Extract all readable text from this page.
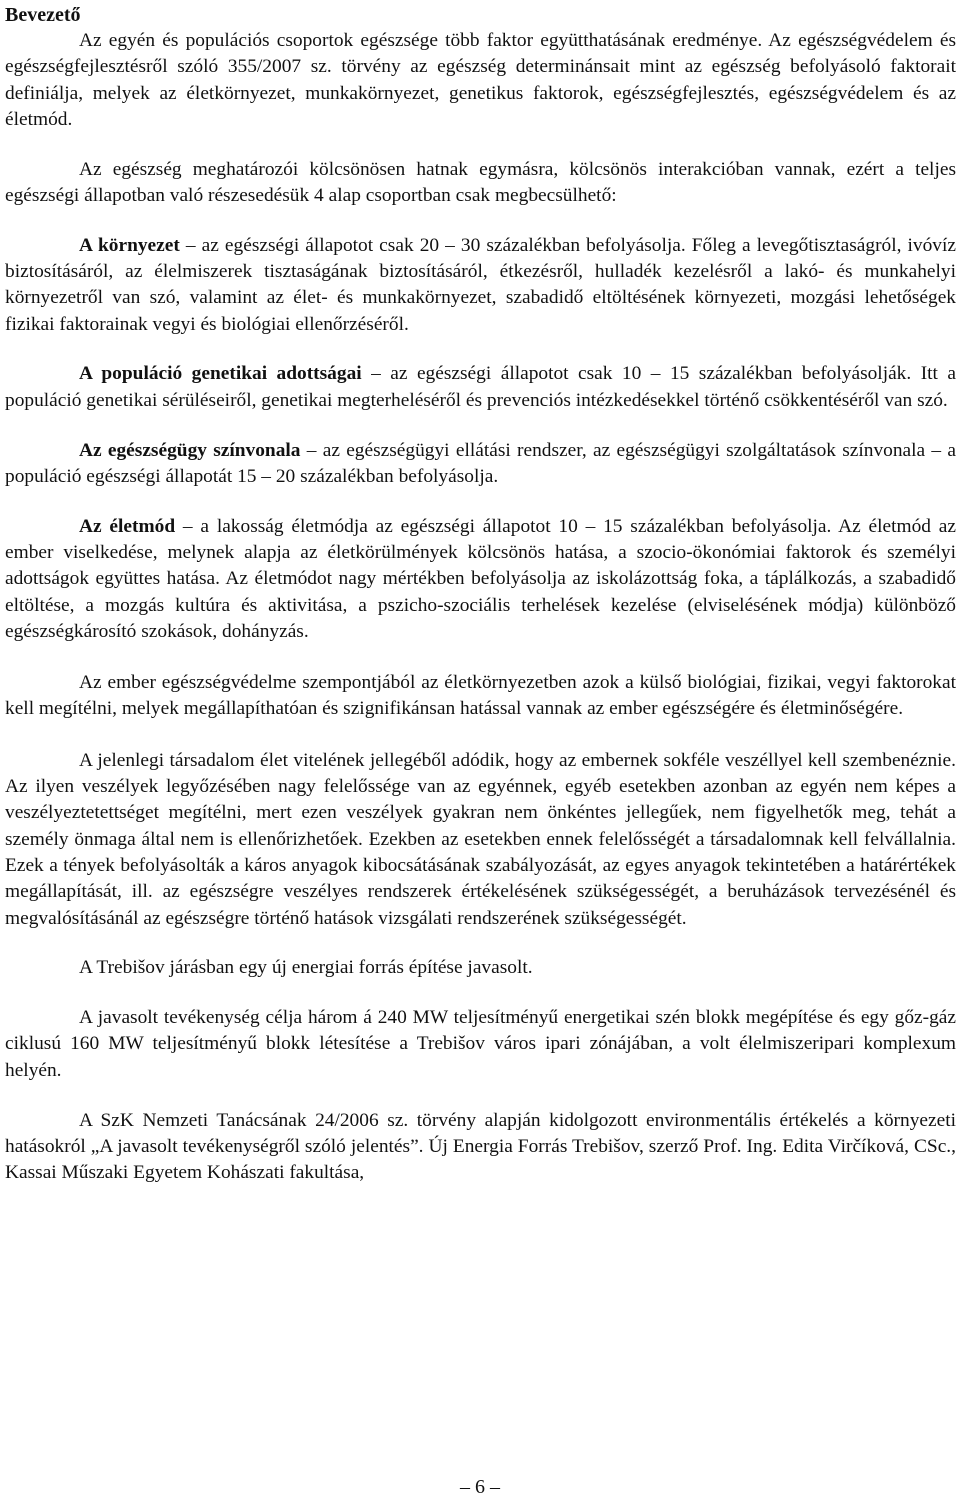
Bevezető

Az egyén és populációs csoportok egészsége több faktor együtthatásának eredménye. Az egészségvédelem és egészségfejlesztésről szóló 355/2007 sz. törvény az egészség determinánsait mint az egészség befolyásoló faktorait definiálja, melyek az életkörnyezet, munkakörnyezet, genetikus faktorok, egészségfejlesztés, egészségvédelem és az életmód.

Az egészség meghatározói kölcsönösen hatnak egymásra, kölcsönös interakcióban vannak, ezért a teljes egészségi állapotban való részesedésük 4 alap csoportban csak megbecsülhető:

A környezet – az egészségi állapotot csak 20 – 30 százalékban befolyásolja. Főleg a levegőtisztaságról, ivóvíz biztosításáról, az élelmiszerek tisztaságának biztosításáról, étkezésről, hulladék kezelésről a lakó- és munkahelyi környezetről van szó, valamint az élet- és munkakörnyezet, szabadidő eltöltésének környezeti, mozgási lehetőségek fizikai faktorainak vegyi és biológiai ellenőrzéséről.

A populáció genetikai adottságai – az egészségi állapotot csak 10 – 15 százalékban befolyásolják. Itt a populáció genetikai sérüléseiről, genetikai megterheléséről és prevenciós intézkedésekkel történő csökkentéséről van szó.

Az egészségügy színvonala – az egészségügyi ellátási rendszer, az egészségügyi szolgáltatások színvonala – a populáció egészségi állapotát 15 – 20 százalékban befolyásolja.

Az életmód – a lakosság életmódja az egészségi állapotot 10 – 15 százalékban befolyásolja. Az életmód az ember viselkedése, melynek alapja az életkörülmények kölcsönös hatása, a szocio-ökonómiai faktorok és személyi adottságok együttes hatása. Az életmódot nagy mértékben befolyásolja az iskolázottság foka, a táplálkozás, a szabadidő eltöltése, a mozgás kultúra és aktivitása, a pszicho-szociális terhelések kezelése (elviselésének módja) különböző egészségkárosító szokások, dohányzás.

Az ember egészségvédelme szempontjából az életkörnyezetben azok a külső biológiai, fizikai, vegyi faktorokat kell megítélni, melyek megállapíthatóan és szignifikánsan hatással vannak az ember egészségére és életminőségére.

A jelenlegi társadalom élet vitelének jellegéből adódik, hogy az embernek sokféle veszéllyel kell szembenéznie. Az ilyen veszélyek legyőzésében nagy felelőssége van az egyénnek, egyéb esetekben azonban az egyén nem képes a veszélyeztetettséget megítélni, mert ezen veszélyek gyakran nem önkéntes jellegűek, nem figyelhetők meg, tehát a személy önmaga által nem is ellenőrizhetőek. Ezekben az esetekben ennek felelősségét a társadalomnak kell felvállalnia. Ezek a tények befolyásolták a káros anyagok kibocsátásának szabályozását, az egyes anyagok tekintetében a határértékek megállapítását, ill. az egészségre veszélyes rendszerek értékelésének szükségességét, a beruházások tervezésénél és megvalósításánál az egészségre történő hatások vizsgálati rendszerének szükségességét.

A Trebišov járásban egy új energiai forrás építése javasolt.

A javasolt tevékenység célja három á 240 MW teljesítményű energetikai szén blokk megépítése és egy gőz-gáz ciklusú 160 MW teljesítményű blokk létesítése a Trebišov város ipari zónájában, a volt élelmiszeripari komplexum helyén.

A SzK Nemzeti Tanácsának 24/2006 sz. törvény alapján kidolgozott environmentális értékelés a környezeti hatásokról „A javasolt tevékenységről szóló jelentés”. Új Energia Forrás Trebišov, szerző Prof. Ing. Edita Virčíková, CSc., Kassai Műszaki Egyetem Kohászati fakultása,

– 6 –
